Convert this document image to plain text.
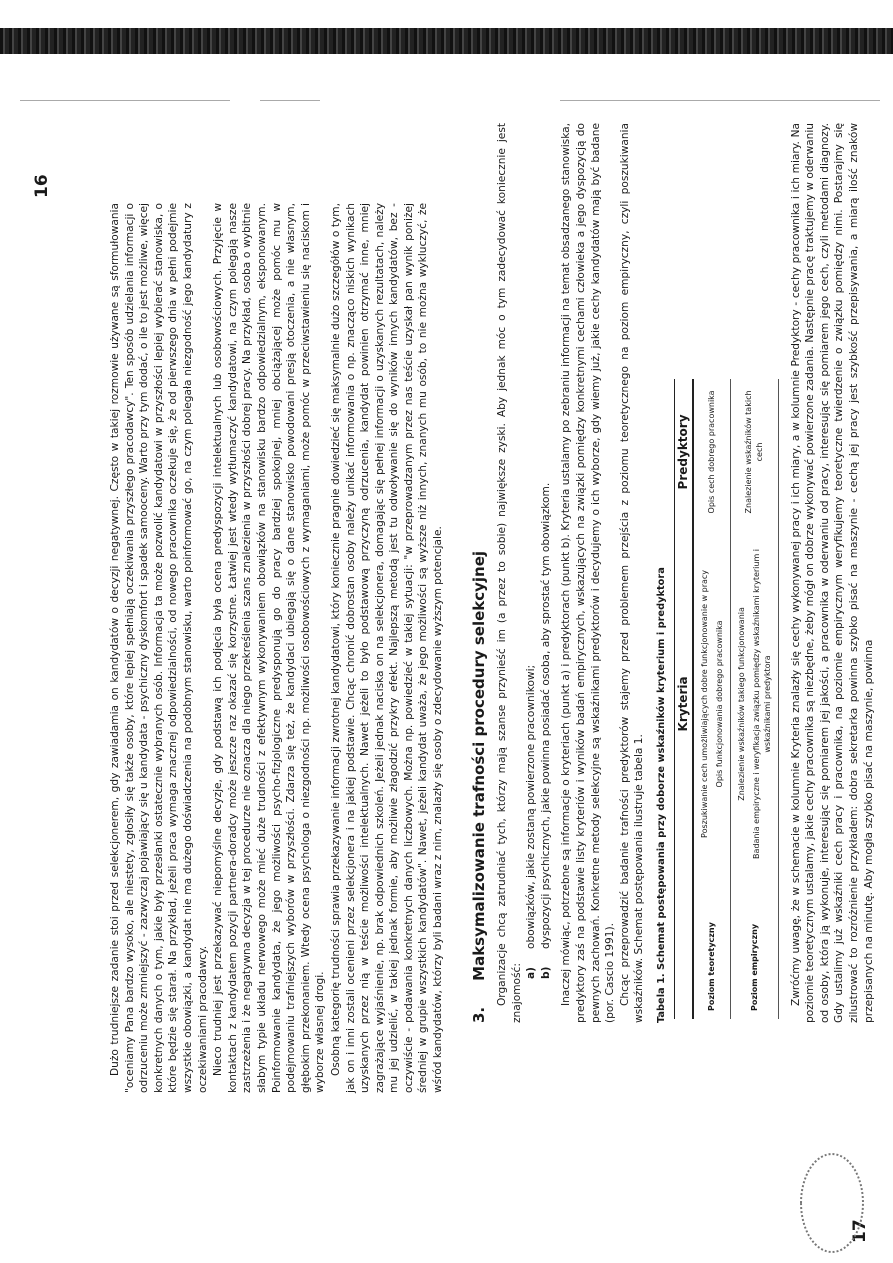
16

Dużo trudniejsze zadanie stoi przed selekcjonerem, gdy zawiadamia on kandydatów o decyzji negatywnej. Często w takiej rozmowie używane są sformułowania "oceniamy Pana bardzo wysoko, ale niestety, zgłosiły się także osoby, które lepiej spełniają oczekiwania przyszłego pracodawcy". Ten sposób udzielania informacji o odrzuceniu może zmniejszyć - zazwyczaj pojawiający się u kandydata - psychiczny dyskomfort i spadek samooceny. Warto przy tym dodać, o ile to jest możliwe, więcej konkretnych danych o tym, jakie były przesłanki ostatecznie wybranych osób. Informacja ta może pozwolić kandydatowi w przyszłości lepiej wybierać stanowiska, o które będzie się starał. Na przykład, jeżeli praca wymaga znacznej odpowiedzialności, od nowego pracownika oczekuje się, że od pierwszego dnia w pełni podejmie wszystkie obowiązki, a kandydat nie ma dużego doświadczenia na podobnym stanowisku, warto poinformować go, na czym polegała niezgodność jego kandydatury z oczekiwaniami pracodawcy. Nieco trudniej jest przekazywać niepomyślne decyzje, gdy podstawą ich podjęcia była ocena predyspozycji intelektualnych lub osobowościowych. Przyjęcie w kontaktach z kandydatem pozycji partnera-doradcy może jeszcze raz okazać się korzystne. Łatwiej jest wtedy wytłumaczyć kandydatowi, na czym polegają nasze zastrzeżenia i że negatywna decyzja w tej procedurze nie oznacza dla niego przekreślenia szans znalezienia w przyszłości dobrej pracy. Na przykład, osoba o wybitnie słabym typie układu nerwowego może mieć duże trudności z efektywnym wykonywaniem obowiązków na stanowisku bardzo odpowiedzialnym, eksponowanym. Poinformowanie kandydata, że jego możliwości psycho-fizjologiczne predysponują go do pracy bardziej spokojnej, mniej obciążającej może pomóc mu w podejmowaniu trafniejszych wyborów w przyszłości. Zdarza się też, że kandydaci ubiegają się o dane stanowisko powodowani presją otoczenia, a nie własnym, głębokim przekonaniem. Wtedy ocena psychologa o niezgodności np. możliwości osobowościowych z wymaganiami, może pomóc w przeciwstawieniu się naciskom i wyborze własnej drogi. Osobną kategorię trudności sprawia przekazywanie informacji zwrotnej kandydatowi, który koniecznie pragnie dowiedzieć się maksymalnie dużo szczegółów o tym, jak on i inni zostali ocenieni przez selekcjonera i na jakiej podstawie. Chcąc chronić dobrostan osoby należy unikać informowania o np. znacząco niskich wynikach uzyskanych przez nią w teście możliwości intelektualnych. Nawet jeżeli to było podstawową przyczyną odrzucenia, kandydat powinien otrzymać inne, mniej zagrażające wyjaśnienie, np. brak odpowiednich szkoleń. Jeżeli jednak naciska on na selekcjonera, domagając się pełnej informacji o uzyskanych rezultatach, należy mu jej udzielić, w takiej jednak formie, aby możliwie złagodzić przykry efekt. Najlepszą metodą jest tu odwoływanie się do wyników innych kandydatów, bez - oczywiście - podawania konkretnych danych liczbowych. Można np. powiedzieć w takiej sytuacji: "w przeprowadzanym przez nas teście uzyskał pan wynik poniżej średniej w grupie wszystkich kandydatów". Nawet, jeżeli kandydat uważa, że jego możliwości są wyższe niż innych, znanych mu osób, to nie można wykluczyć, że wśród kandydatów, którzy byli badani wraz z nim, znalazły się osoby o zdecydowanie wyższym potencjale. 3.
Maksymalizowanie trafności procedury selekcyjnej Organizacje chcą zatrudniać tych, którzy mają szanse przynieść im (a przez to sobie) największe zyski. Aby jednak móc o tym zadecydować koniecznie jest znajomość: a)
obowiązków, jakie zostaną powierzone pracownikowi;
b)
dyspozycji psychicznych, jakie powinna posiadać osoba, aby sprostać tym obowiązkom. Inaczej mówiąc, potrzebne są informacje o kryteriach (punkt a) i predyktorach (punkt b). Kryteria ustalamy po zebraniu informacji na temat obsadzanego stanowiska, predyktory zaś na podstawie listy kryteriów i wyników badań empirycznych, wskazujących na związki pomiędzy konkretnymi cechami człowieka a jego dyspozycją do pewnych zachowań. Konkretne metody selekcyjne są wskaźnikami predyktorów i decydujemy o ich wyborze, gdy wiemy już, jakie cechy kandydatów mają być badane (por. Cascio 1991). Chcąc przeprowadzić badanie trafności predyktorów stajemy przed problemem przejścia z poziomu teoretycznego na poziom empiryczny, czyli poszukiwania wskaźników. Schemat postępowania ilustruje tabela 1. Tabela 1. Schemat postępowania przy doborze wskaźników kryterium i predyktora
	Kryteria	Predyktory
Poziom teoretyczny	Poszukiwanie cech umożliwiających dobre funkcjonowanie w pracy Opis funkcjonowania dobrego pracownika	Opis cech dobrego pracownika
Poziom empiryczny	Znalezienie wskaźników takiego funkcjonowania Badania empiryczne i weryfikacja związku pomiędzy wskaźnikami kryterium i wskaźnikami predyktora	Znalezienie wskaźników takich cech Zwróćmy uwagę, że w schemacie w kolumnie Kryteria znalazły się cechy wykonywanej pracy i ich miary, a w kolumnie Predyktory - cechy pracownika i ich miary. Na poziomie teoretycznym ustalamy, jakie cechy pracownika są niezbędne, żeby mógł on dobrze wykonywać powierzone zadania. Następnie pracę traktujemy w oderwaniu od osoby, która ją wykonuje, interesując się pomiarem jej jakości, a pracownika w oderwaniu od pracy, interesując się pomiarem jego cech, czyli metodami diagnozy. Gdy ustalimy już wskaźniki cech pracy i pracownika, na poziomie empirycznym weryfikujemy teoretyczne twierdzenie o związku pomiędzy nimi. Postarajmy się zilustrować to rozróżnienie przykładem: dobra sekretarka powinna szybko pisać na maszynie - cechą jej pracy jest szybkość przepisywania, a miarą ilość znaków przepisanych na minutę. Aby mogła szybko pisać na maszynie, powinna

17
